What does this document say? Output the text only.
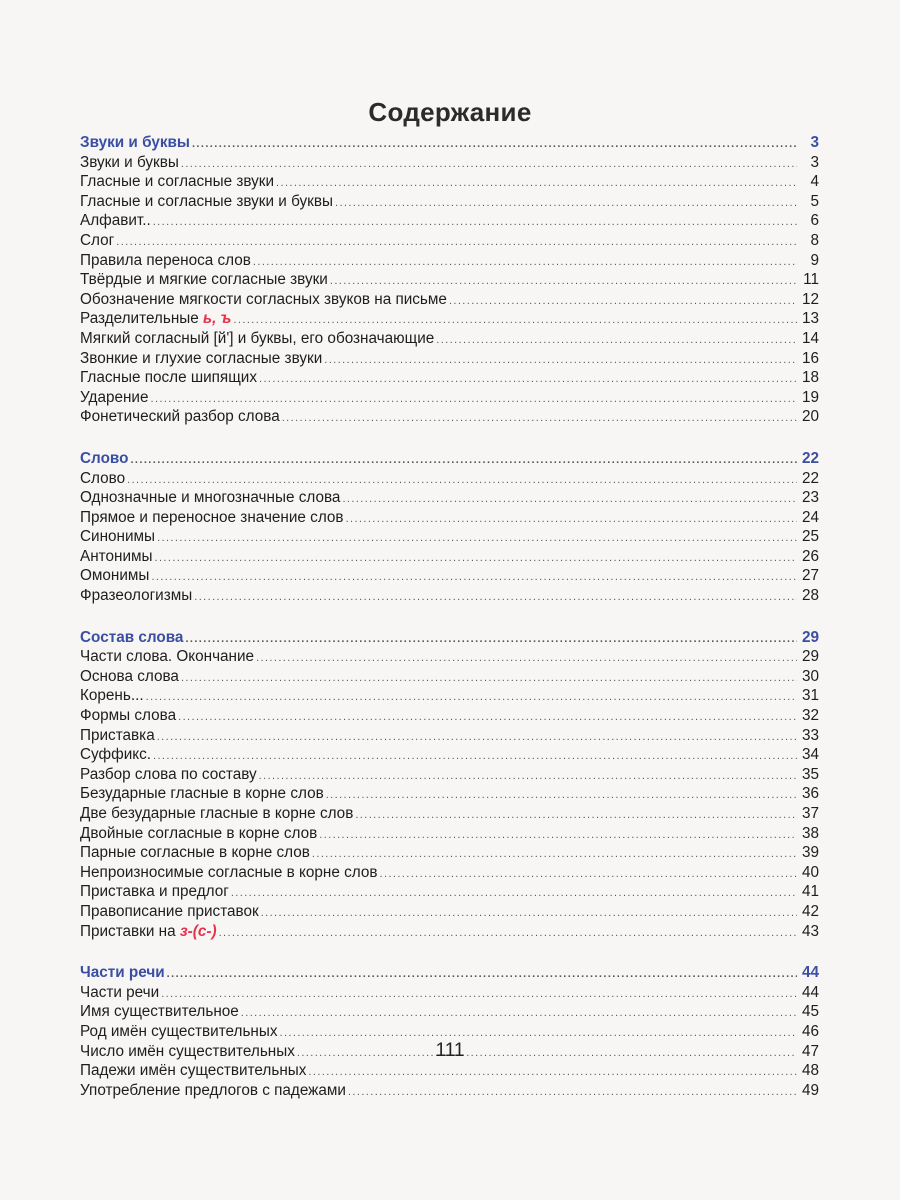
Содержание
Звуки и буквы .....	3
Звуки и буквы .....	3
Гласные и согласные звуки .....	4
Гласные и согласные звуки и буквы .....	5
Алфавит.. .....	6
Слог .....	8
Правила переноса слов .....	9
Твёрдые и мягкие согласные звуки .....	11
Обозначение мягкости согласных звуков на письме .....	12
Разделительные ь, ъ .....	13
Мягкий согласный [й'] и буквы, его обозначающие .....	14
Звонкие и глухие согласные звуки .....	16
Гласные после шипящих .....	18
Ударение .....	19
Фонетический разбор слова .....	20
Слово .....	22
Слово .....	22
Однозначные и многозначные слова .....	23
Прямое и переносное значение слов .....	24
Синонимы .....	25
Антонимы .....	26
Омонимы .....	27
Фразеологизмы .....	28
Состав слова .....	29
Части слова. Окончание .....	29
Основа слова .....	30
Корень... .....	31
Формы слова .....	32
Приставка .....	33
Суффикс. .....	34
Разбор слова по составу .....	35
Безударные гласные в корне слов .....	36
Две безударные гласные в корне слов .....	37
Двойные согласные в корне слов .....	38
Парные согласные в корне слов .....	39
Непроизносимые согласные в корне слов .....	40
Приставка и предлог .....	41
Правописание приставок .....	42
Приставки на з-(с-) .....	43
Части речи .....	44
Части речи .....	44
Имя существительное .....	45
Род имён существительных .....	46
Число имён существительных .....	47
Падежи имён существительных .....	48
Употребление предлогов с падежами .....	49
111
